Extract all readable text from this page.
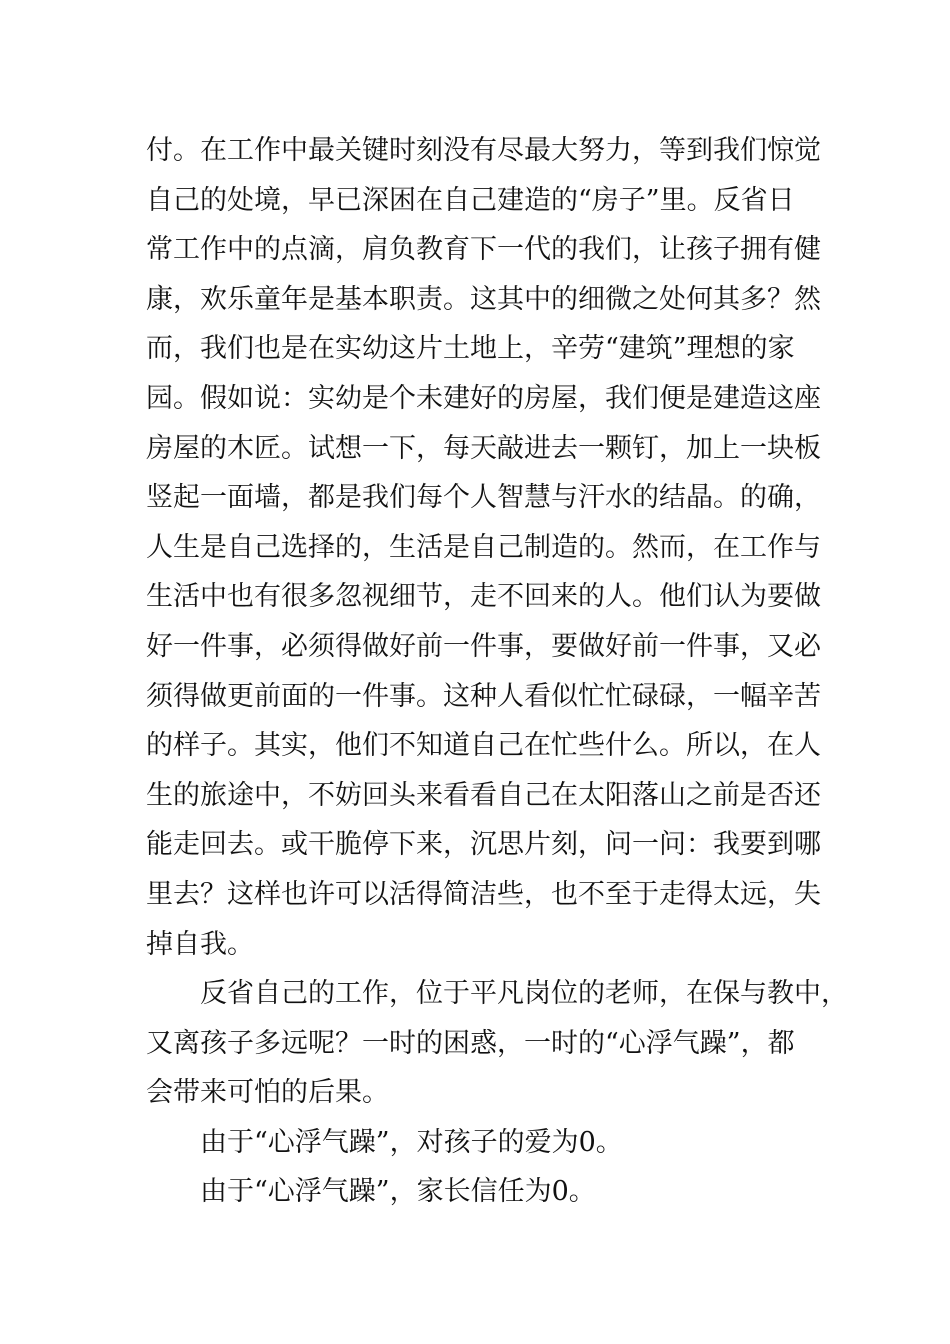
付。在工作中最关键时刻没有尽最大努力，等到我们惊觉
自己的处境，早已深困在自己建造的“房子”里。反省日
常工作中的点滴，肩负教育下一代的我们，让孩子拥有健
康，欢乐童年是基本职责。这其中的细微之处何其多？然
而，我们也是在实幼这片土地上，辛劳“建筑”理想的家
园。假如说：实幼是个未建好的房屋，我们便是建造这座
房屋的木匠。试想一下，每天敲进去一颗钉，加上一块板
竖起一面墙，都是我们每个人智慧与汗水的结晶。的确，
人生是自己选择的，生活是自己制造的。然而，在工作与
生活中也有很多忽视细节，走不回来的人。他们认为要做
好一件事，必须得做好前一件事，要做好前一件事，又必
须得做更前面的一件事。这种人看似忙忙碌碌，一幅辛苦
的样子。其实，他们不知道自己在忙些什么。所以，在人
生的旅途中，不妨回头来看看自己在太阳落山之前是否还
能走回去。或干脆停下来，沉思片刻，问一问：我要到哪
里去？这样也许可以活得简洁些，也不至于走得太远，失
掉自我。
反省自己的工作，位于平凡岗位的老师，在保与教中，
又离孩子多远呢？一时的困惑，一时的“心浮气躁”，都
会带来可怕的后果。
由于“心浮气躁”，对孩子的爱为0。
由于“心浮气躁”，家长信任为0。
